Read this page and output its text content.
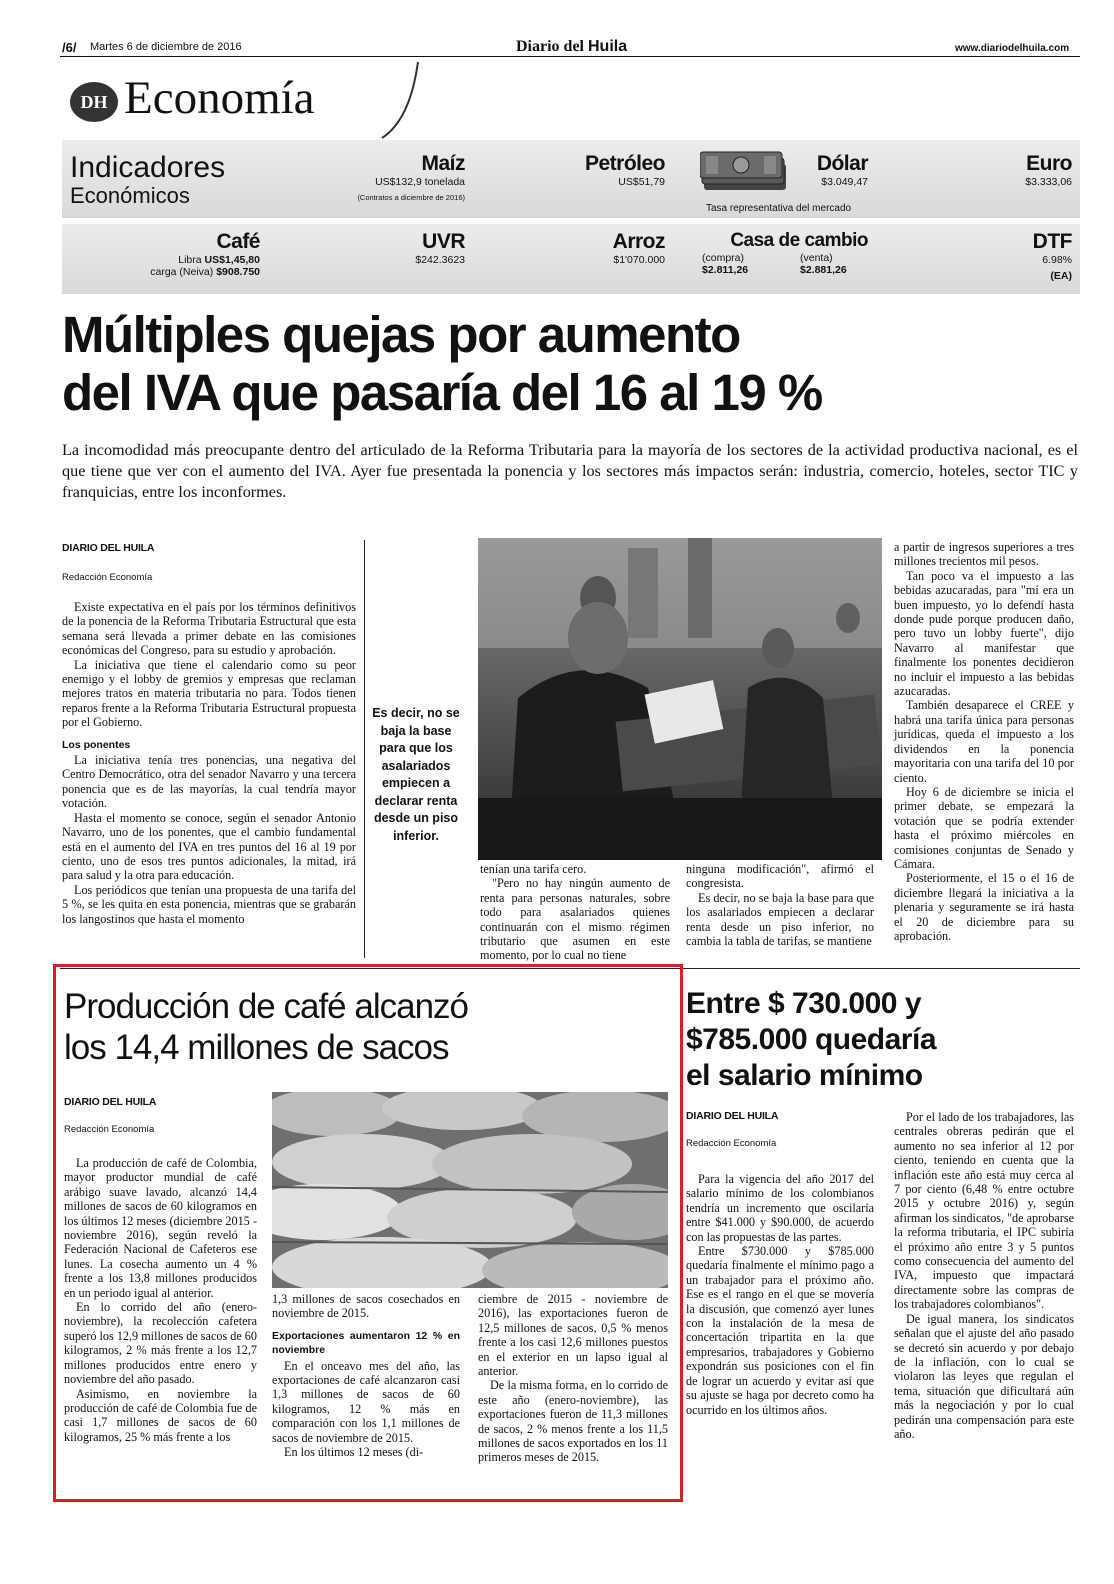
/6/ Martes 6 de diciembre de 2016	Diario del Huila	www.diariodelhuila.com
DH Economía
Indicadores
Económicos
Maíz
US$132,9 tonelada
(Contratos a diciembre de 2016)
Petróleo
US$51,79
Dólar
$3.049,47
Tasa representativa del mercado
Euro
$3.333,06
Café
Libra US$1,45,80
carga (Neiva) $908.750
UVR
$242.3623
Arroz
$1'070.000
Casa de cambio
(compra)
$2.811,26
(venta)
$2.881,26
DTF
6.98%
(EA)
Múltiples quejas por aumento
del IVA que pasaría del 16 al 19 %
La incomodidad más preocupante dentro del articulado de la Reforma Tributaria para la mayoría de los sectores de la actividad productiva nacional, es el que tiene que ver con el aumento del IVA. Ayer fue presentada la ponencia y los sectores más impactos serán: industria, comercio, hoteles, sector TIC y franquicias, entre los inconformes.
DIARIO DEL HUILA
Redacción Economía

Existe expectativa en el país por los términos definitivos de la ponencia de la Reforma Tributaria Estructural que esta semana será llevada a primer debate en las comisiones económicas del Congreso, para su estudio y aprobación.

La iniciativa que tiene el calendario como su peor enemigo y el lobby de gremios y empresas que reclaman mejores tratos en materia tributaria no para. Todos tienen reparos frente a la Reforma Tributaria Estructural propuesta por el Gobierno.

Los ponentes

La iniciativa tenía tres ponencias, una negativa del Centro Democrático, otra del senador Navarro y una tercera ponencia que es de las mayorías, la cual tendría mayor votación.

Hasta el momento se conoce, según el senador Antonio Navarro, uno de los ponentes, que el cambio fundamental está en el aumento del IVA en tres puntos del 16 al 19 por ciento, uno de esos tres puntos adicionales, la mitad, irá para salud y la otra para educación.

Los periódicos que tenían una propuesta de una tarifa del 5 %, se les quita en esta ponencia, mientras que se grabarán los langostinos que hasta el momento

Es decir, no se baja la base para que los asalariados empiecen a declarar renta desde un piso inferior.

tenían una tarifa cero.

"Pero no hay ningún aumento de renta para personas naturales, sobre todo para asalariados quienes continuarán con el mismo régimen tributario que asumen en este momento, por lo cual no tiene

ninguna modificación", afirmó el congresista.

Es decir, no se baja la base para que los asalariados empiecen a declarar renta desde un piso inferior, no cambia la tabla de tarifas, se mantiene

a partir de ingresos superiores a tres millones trecientos mil pesos.

Tan poco va el impuesto a las bebidas azucaradas, para "mí era un buen impuesto, yo lo defendí hasta donde pude porque producen daño, pero tuvo un lobby fuerte", dijo Navarro al manifestar que finalmente los ponentes decidieron no incluir el impuesto a las bebidas azucaradas.

También desaparece el CREE y habrá una tarifa única para personas jurídicas, queda el impuesto a los dividendos en la ponencia mayoritaria con una tarifa del 10 por ciento.

Hoy 6 de diciembre se inicia el primer debate, se empezará la votación que se podría extender hasta el próximo miércoles en comisiones conjuntas de Senado y Cámara.

Posteriormente, el 15 o el 16 de diciembre llegará la iniciativa a la plenaria y seguramente se irá hasta el 20 de diciembre para su aprobación.

Producción de café alcanzó
los 14,4 millones de sacos
DIARIO DEL HUILA
Redacción Economía

La producción de café de Colombia, mayor productor mundial de café arábigo suave lavado, alcanzó 14,4 millones de sacos de 60 kilogramos en los últimos 12 meses (diciembre 2015 - noviembre 2016), según reveló la Federación Nacional de Cafeteros ese lunes. La cosecha aumento un 4 % frente a los 13,8 millones producidos en un periodo igual al anterior.

En lo corrido del año (enero-noviembre), la recolección cafetera superó los 12,9 millones de sacos de 60 kilogramos, 2 % más frente a los 12,7 millones producidos entre enero y noviembre del año pasado.

Asimismo, en noviembre la producción de café de Colombia fue de casi 1,7 millones de sacos de 60 kilogramos, 25 % más frente a los

1,3 millones de sacos cosechados en noviembre de 2015.

Exportaciones aumentaron 12 % en noviembre

En el onceavo mes del año, las exportaciones de café alcanzaron casi 1,3 millones de sacos de 60 kilogramos, 12 % más en comparación con los 1,1 millones de sacos de noviembre de 2015.

En los últimos 12 meses (di-

ciembre de 2015 - noviembre de 2016), las exportaciones fueron de 12,5 millones de sacos, 0,5 % menos frente a los casi 12,6 millones puestos en el exterior en un lapso igual al anterior.

De la misma forma, en lo corrido de este año (enero-noviembre), las exportaciones fueron de 11,3 millones de sacos, 2 % menos frente a los 11,5 millones de sacos exportados en los 11 primeros meses de 2015.

Entre $ 730.000 y
$785.000 quedaría
el salario mínimo
DIARIO DEL HUILA
Redacción Economía

Para la vigencia del año 2017 del salario mínimo de los colombianos tendría un incremento que oscilaría entre $41.000 y $90.000, de acuerdo con las propuestas de las partes.

Entre $730.000 y $785.000 quedaría finalmente el mínimo pago a un trabajador para el próximo año. Ese es el rango en el que se movería la discusión, que comenzó ayer lunes con la instalación de la mesa de concertación tripartita en la que empresarios, trabajadores y Gobierno expondrán sus posiciones con el fin de lograr un acuerdo y evitar así que su ajuste se haga por decreto como ha ocurrido en los últimos años.

Por el lado de los trabajadores, las centrales obreras pedirán que el aumento no sea inferior al 12 por ciento, teniendo en cuenta que la inflación este año está muy cerca al 7 por ciento (6,48 % entre octubre 2015 y octubre 2016) y, según afirman los sindicatos, "de aprobarse la reforma tributaria, el IPC subiría el próximo año entre 3 y 5 puntos como consecuencia del aumento del IVA, impuesto que impactará directamente sobre las compras de los trabajadores colombianos".

De igual manera, los sindicatos señalan que el ajuste del año pasado se decretó sin acuerdo y por debajo de la inflación, con lo cual se violaron las leyes que regulan el tema, situación que dificultará aún más la negociación y por lo cual pedirán una compensación para este año.
